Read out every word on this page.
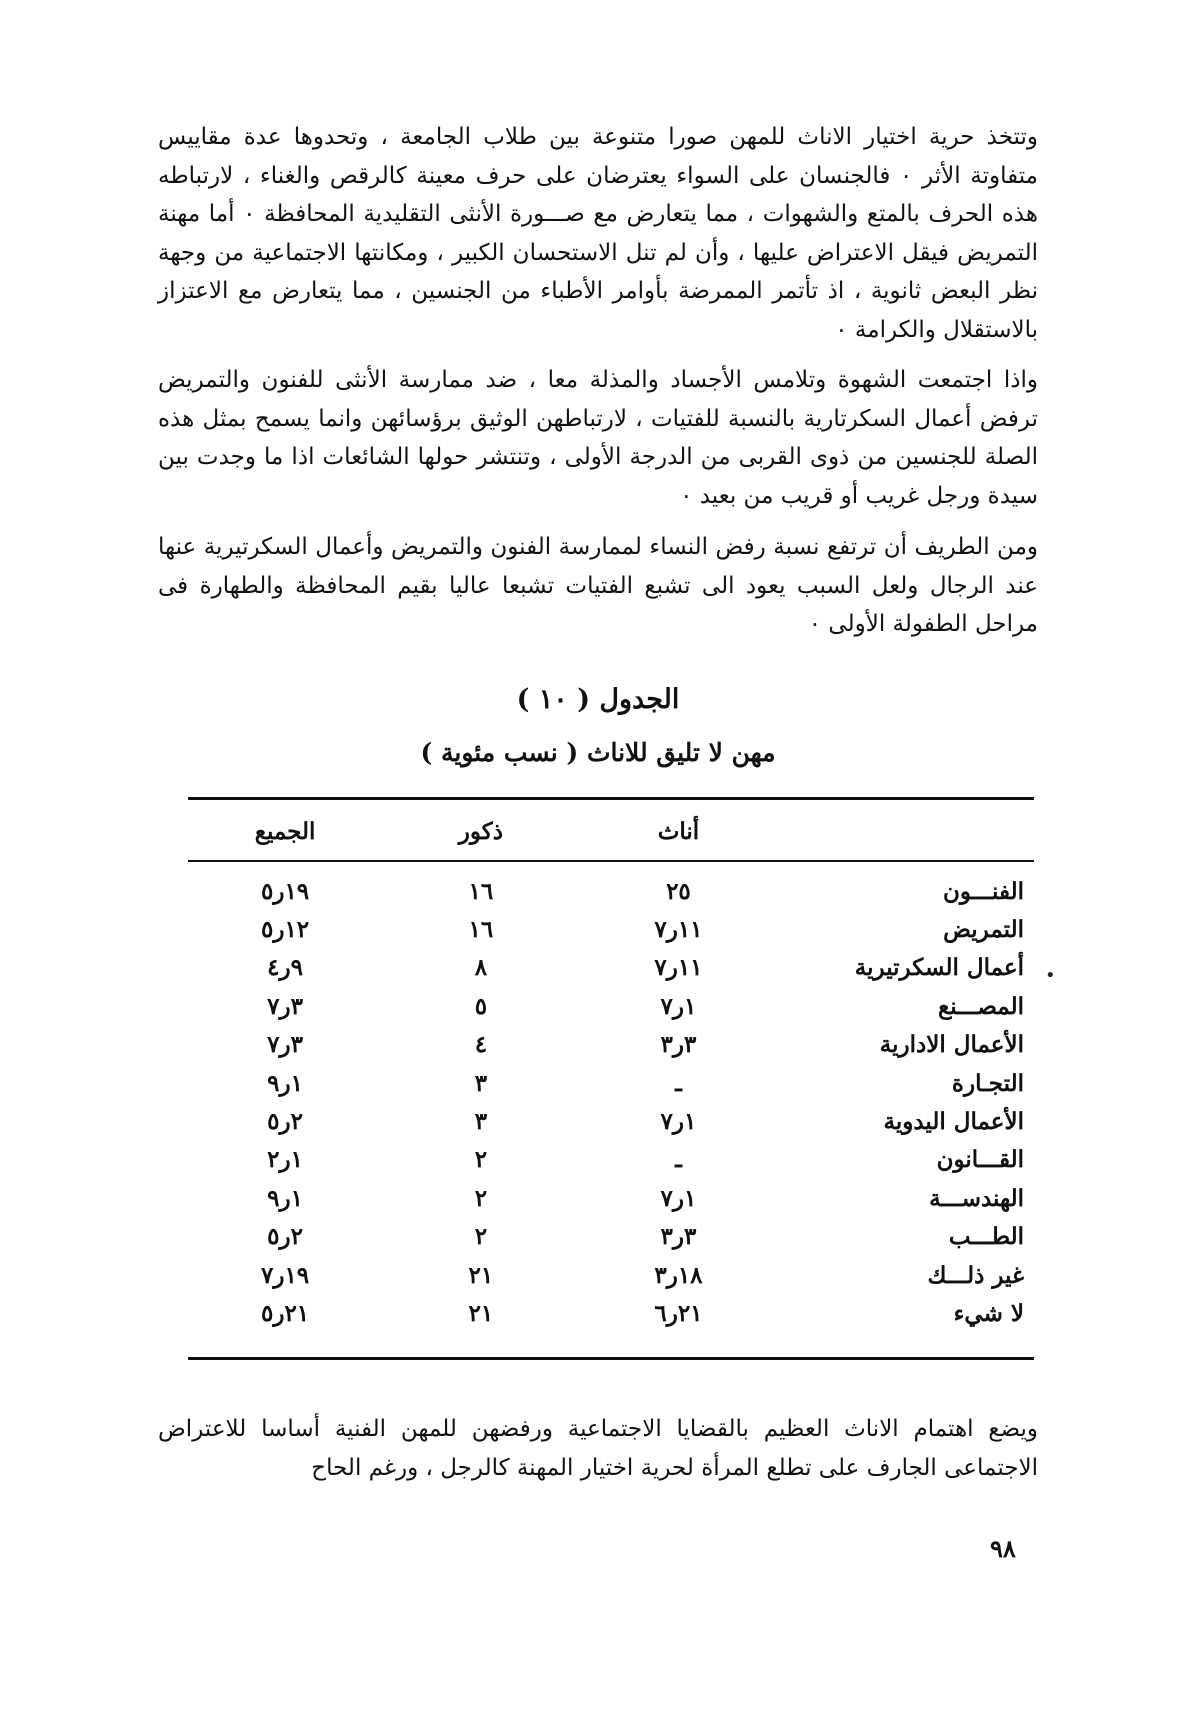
وتتخذ حرية اختيار الاناث للمهن صورا متنوعة بين طلاب الجامعة ، وتحدوها عدة مقاييس متفاوتة الأثر ٠ فالجنسان على السواء يعترضان على حرف معينة كالرقص والغناء ، لارتباطه هذه الحرف بالمتع والشهوات ، مما يتعارض مع صـــورة الأنثى التقليدية المحافظة ٠ أما مهنة التمريض فيقل الاعتراض عليها ، وأن لم تنل الاستحسان الكبير ، ومكانتها الاجتماعية من وجهة نظر البعض ثانوية ، اذ تأتمر الممرضة بأوامر الأطباء من الجنسين ، مما يتعارض مع الاعتزاز بالاستقلال والكرامة ٠

واذا اجتمعت الشهوة وتلامس الأجساد والمذلة معا ، ضد ممارسة الأنثى للفنون والتمريض ترفض أعمال السكرتارية بالنسبة للفتيات ، لارتباطهن الوثيق برؤسائهن وانما يسمح بمثل هذه الصلة للجنسين من ذوى القربى من الدرجة الأولى ، وتنتشر حولها الشائعات اذا ما وجدت بين سيدة ورجل غريب أو قريب من بعيد ٠

ومن الطريف أن ترتفع نسبة رفض النساء لممارسة الفنون والتمريض وأعمال السكرتيرية عنها عند الرجال ولعل السبب يعود الى تشبع الفتيات تشبعا عاليا بقيم المحافظة والطهارة فى مراحل الطفولة الأولى ٠

الجدول ( ١٠ )

مهن لا تليق للاناث ( نسب مئوية )

	أناث	ذكور	الجميع
الفنـــون	٢٥	١٦	١٩ر٥
التمريض	١١ر٧	١٦	١٢ر٥
أعمال السكرتيرية	١١ر٧	٨	٩ر٤
المصـــنع	١ر٧	٥	٣ر٧
الأعمال الادارية	٣ر٣	٤	٣ر٧
التجـارة	ـ	٣	١ر٩
الأعمال اليدوية	١ر٧	٣	٢ر٥
القـــانون	ـ	٢	١ر٢
الهندســـة	١ر٧	٢	١ر٩
الطـــب	٣ر٣	٢	٢ر٥
غير ذلـــك	١٨ر٣	٢١	١٩ر٧
لا شيء	٢١ر٦	٢١	٢١ر٥
•

ويضع اهتمام الاناث العظيم بالقضايا الاجتماعية ورفضهن للمهن الفنية أساسا للاعتراض الاجتماعى الجارف على تطلع المرأة لحرية اختيار المهنة كالرجل ، ورغم الحاح

٩٨
